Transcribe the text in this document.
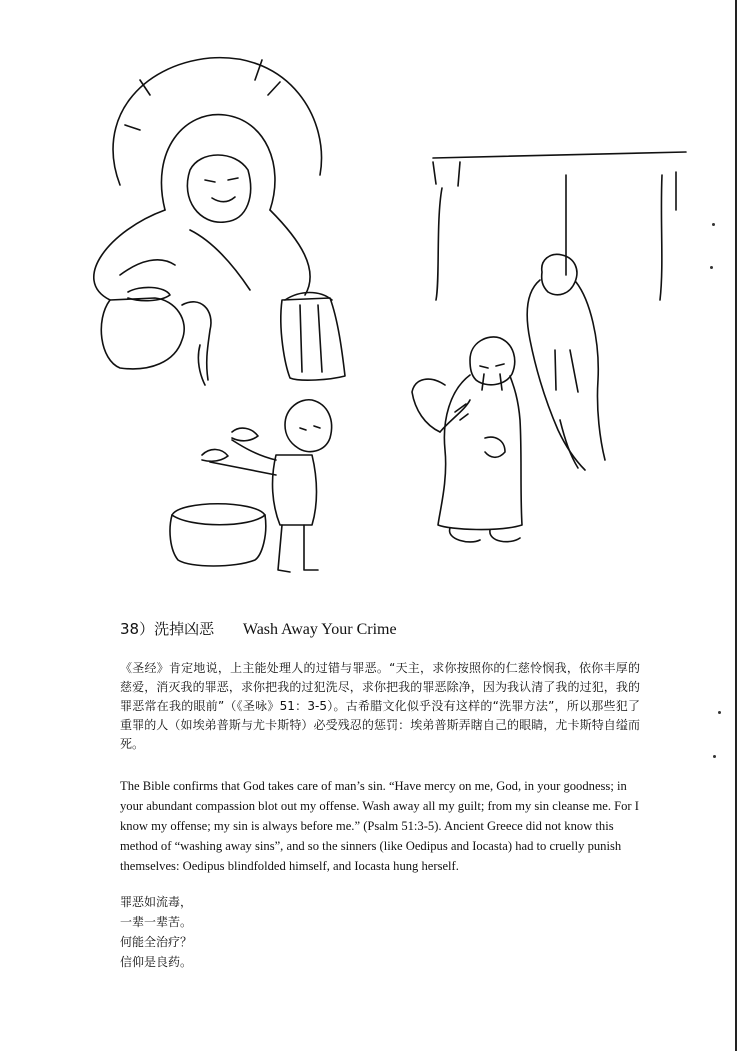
38）洗掉凶恶 Wash Away Your Crime
《圣经》肯定地说，上主能处理人的过错与罪恶。“天主，求你按照你的仁慈怜悯我，依你丰厚的慈爱，消灭我的罪恶，求你把我的过犯洗尽，求你把我的罪恶除净，因为我认清了我的过犯，我的罪恶常在我的眼前”（《圣咏》51：3-5）。古希腊文化似乎没有这样的“洗罪方法”，所以那些犯了重罪的人（如埃弟普斯与尤卡斯特）必受残忍的惩罚：埃弟普斯弄瞎自己的眼睛，尤卡斯特自缢而死。
The Bible confirms that God takes care of man’s sin. “Have mercy on me, God, in your goodness; in your abundant compassion blot out my offense. Wash away all my guilt; from my sin cleanse me. For I know my offense; my sin is always before me.” (Psalm 51:3-5). Ancient Greece did not know this method of “washing away sins”, and so the sinners (like Oedipus and Iocasta) had to cruelly punish themselves: Oedipus blindfolded himself, and Iocasta hung herself.
罪恶如流毒，
一辈一辈苦。
何能全治疗？
信仰是良药。
